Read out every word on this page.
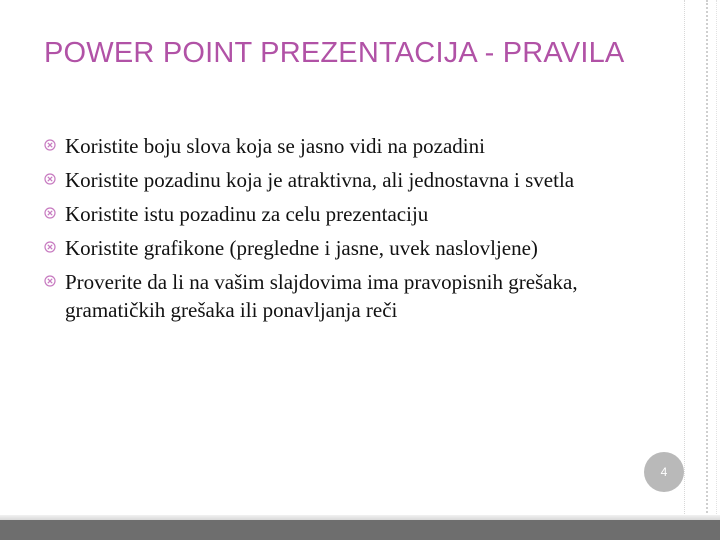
POWER POINT PREZENTACIJA - PRAVILA
Koristite boju slova koja se jasno vidi na pozadini
Koristite pozadinu koja je atraktivna, ali jednostavna i svetla
Koristite istu pozadinu za celu prezentaciju
Koristite grafikone (pregledne i jasne, uvek naslovljene)
Proverite da li na vašim slajdovima ima pravopisnih grešaka, gramatičkih grešaka ili ponavljanja reči
4
